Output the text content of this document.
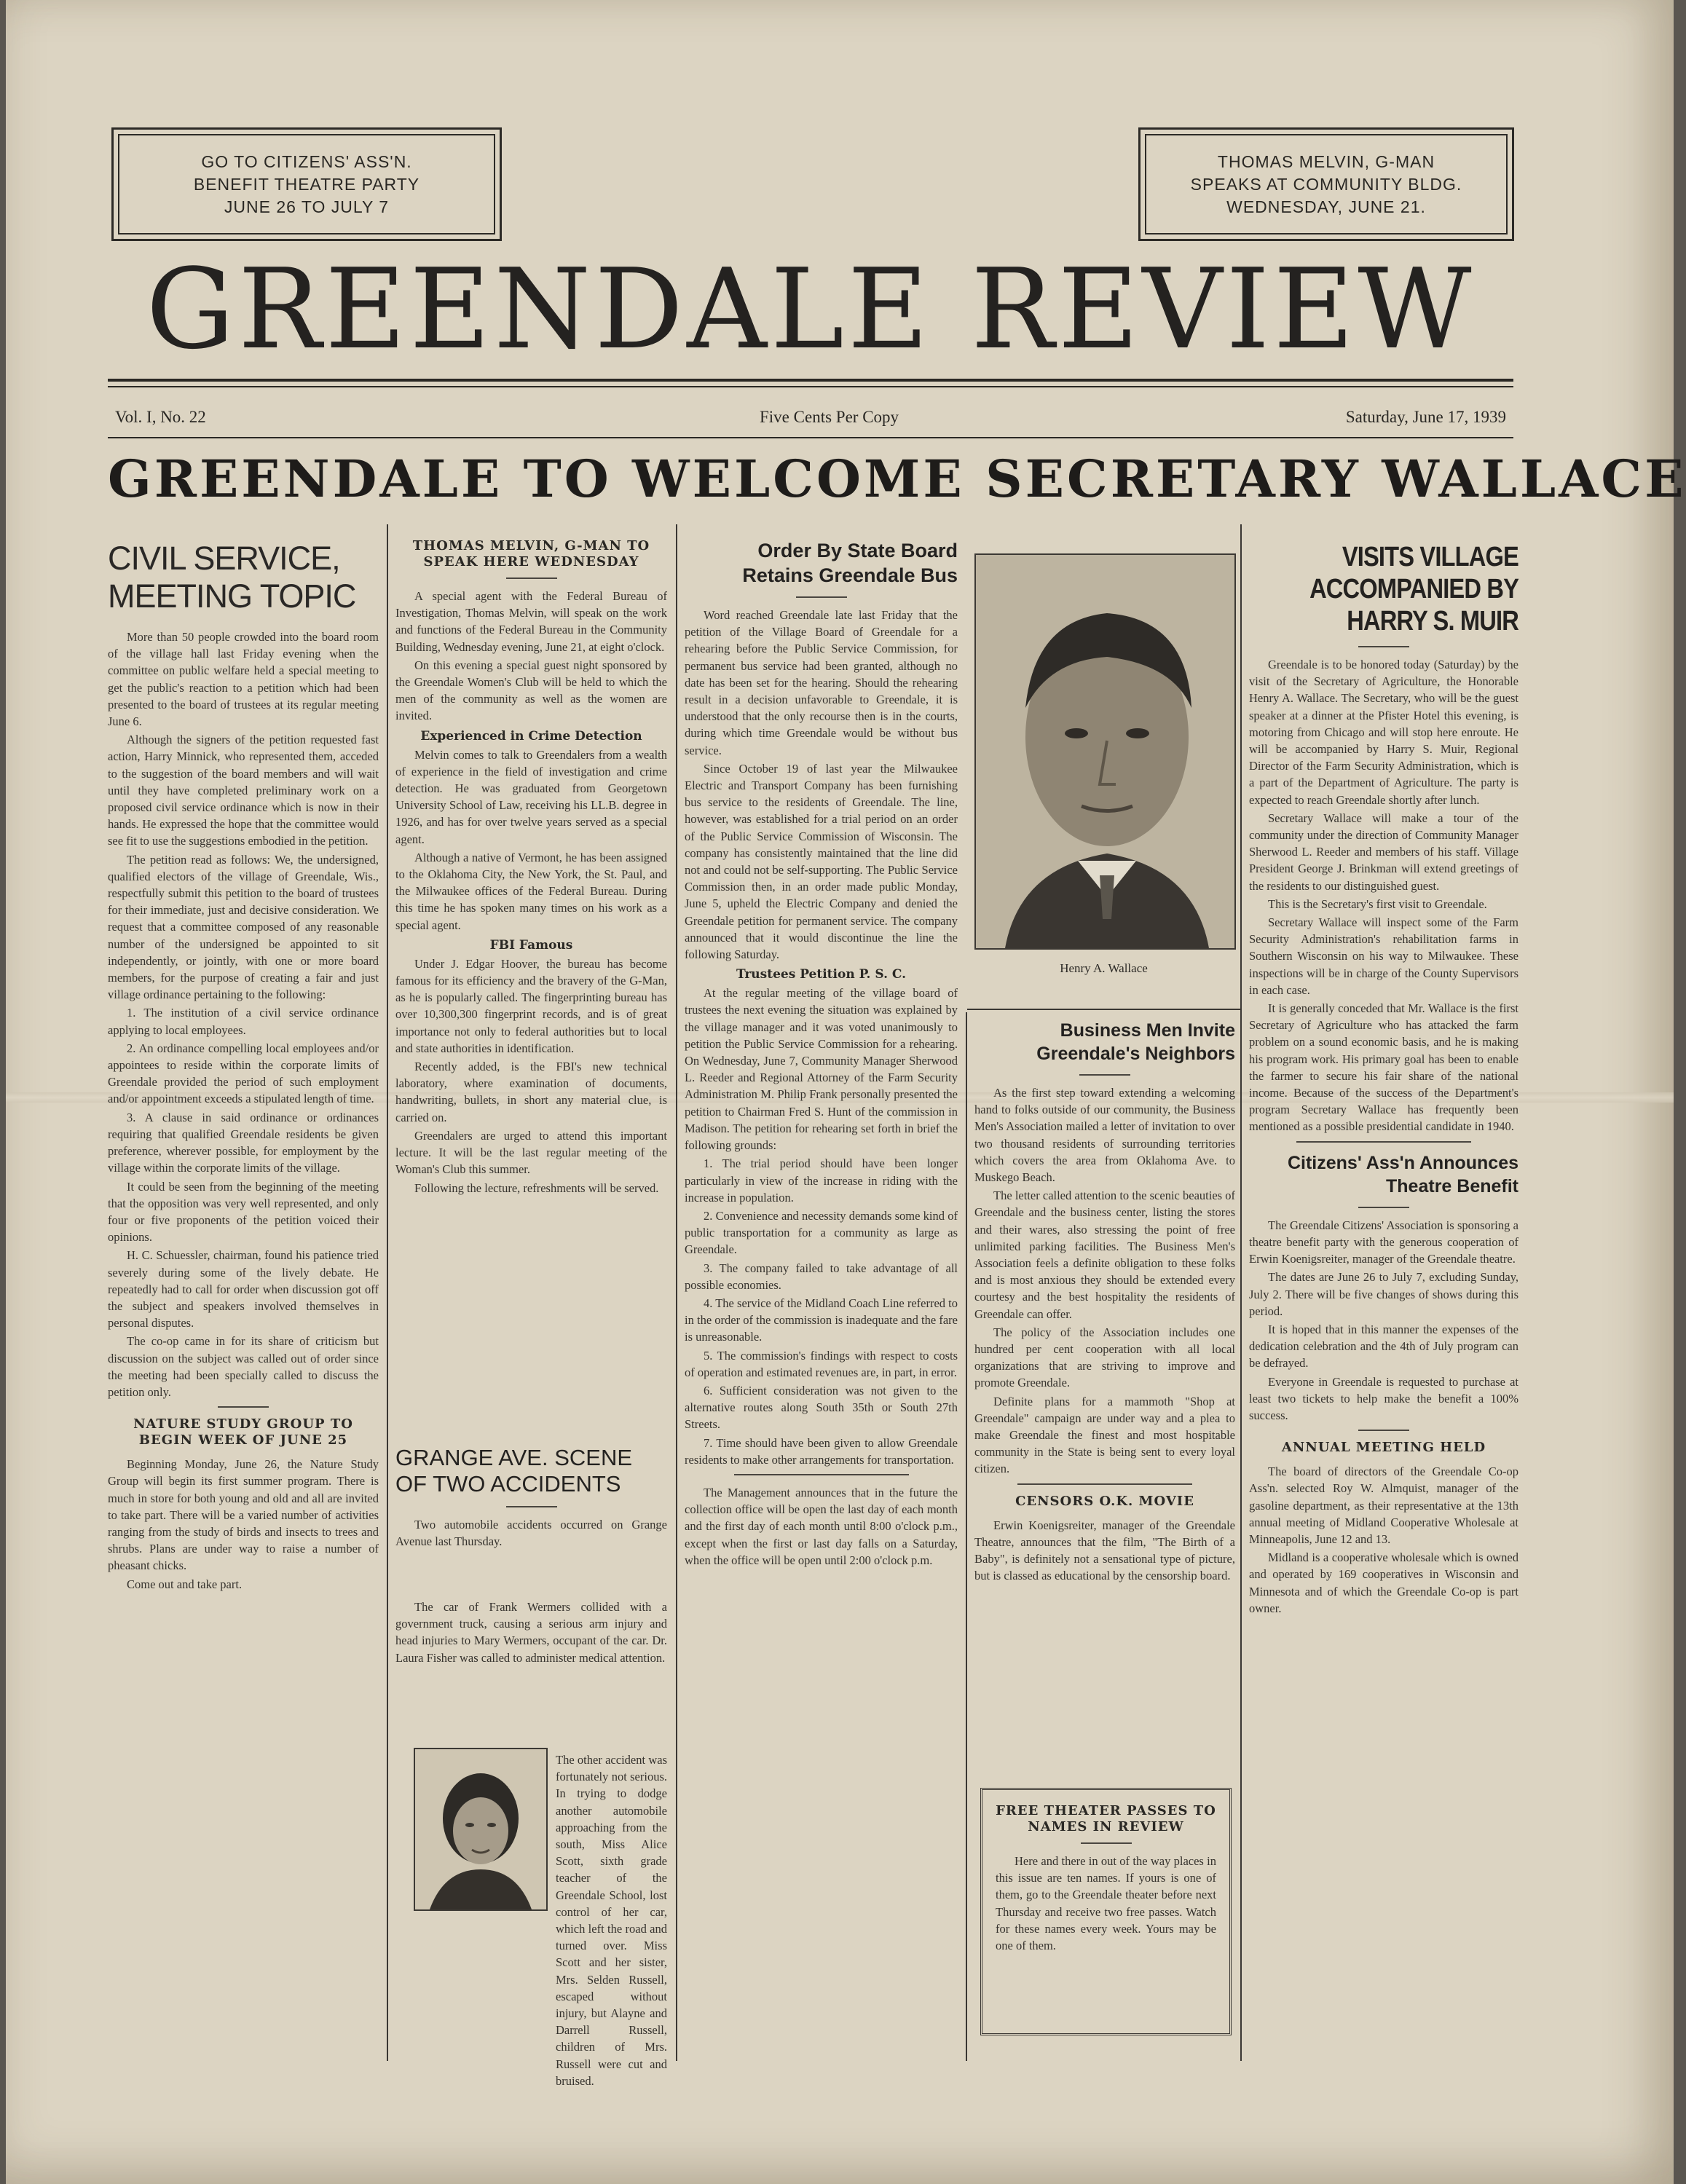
GO TO CITIZENS' ASS'N.
BENEFIT THEATRE PARTY
JUNE 26 TO JULY 7
THOMAS MELVIN, G-MAN
SPEAKS AT COMMUNITY BLDG.
WEDNESDAY, JUNE 21.
GREENDALE REVIEW
Vol. I, No. 22	Five Cents Per Copy	Saturday, June 17, 1939
GREENDALE TO WELCOME SECRETARY WALLACE
CIVIL SERVICE, MEETING TOPIC

More than 50 people crowded into the board room of the village hall last Friday evening when the committee on public welfare held a special meeting to get the public's reaction to a petition which had been presented to the board of trustees at its regular meeting June 6.

Although the signers of the petition requested fast action, Harry Minnick, who represented them, acceded to the suggestion of the board members and will wait until they have completed preliminary work on a proposed civil service ordinance which is now in their hands. He expressed the hope that the committee would see fit to use the suggestions embodied in the petition.

The petition read as follows: We, the undersigned, qualified electors of the village of Greendale, Wis., respectfully submit this petition to the board of trustees for their immediate, just and decisive consideration. We request that a committee composed of any reasonable number of the undersigned be appointed to sit independently, or jointly, with one or more board members, for the purpose of creating a fair and just village ordinance pertaining to the following:

1. The institution of a civil service ordinance applying to local employees.

2. An ordinance compelling local employees and/or appointees to reside within the corporate limits of Greendale provided the period of such employment and/or appointment exceeds a stipulated length of time.

3. A clause in said ordinance or ordinances requiring that qualified Greendale residents be given preference, wherever possible, for employment by the village within the corporate limits of the village.

It could be seen from the beginning of the meeting that the opposition was very well represented, and only four or five proponents of the petition voiced their opinions.

H. C. Schuessler, chairman, found his patience tried severely during some of the lively debate. He repeatedly had to call for order when discussion got off the subject and speakers involved themselves in personal disputes.

The co-op came in for its share of criticism but discussion on the subject was called out of order since the meeting had been specially called to discuss the petition only.

NATURE STUDY GROUP TO BEGIN WEEK OF JUNE 25

Beginning Monday, June 26, the Nature Study Group will begin its first summer program. There is much in store for both young and old and all are invited to take part. There will be a varied number of activities ranging from the study of birds and insects to trees and shrubs. Plans are under way to raise a number of pheasant chicks.

Come out and take part.

THOMAS MELVIN, G-MAN TO SPEAK HERE WEDNESDAY

A special agent with the Federal Bureau of Investigation, Thomas Melvin, will speak on the work and functions of the Federal Bureau in the Community Building, Wednesday evening, June 21, at eight o'clock.

On this evening a special guest night sponsored by the Greendale Women's Club will be held to which the men of the community as well as the women are invited.

Experienced in Crime Detection

Melvin comes to talk to Greendalers from a wealth of experience in the field of investigation and crime detection. He was graduated from Georgetown University School of Law, receiving his LL.B. degree in 1926, and has for over twelve years served as a special agent.

Although a native of Vermont, he has been assigned to the Oklahoma City, the New York, the St. Paul, and the Milwaukee offices of the Federal Bureau. During this time he has spoken many times on his work as a special agent.

FBI Famous

Under J. Edgar Hoover, the bureau has become famous for its efficiency and the bravery of the G-Man, as he is popularly called. The fingerprinting bureau has over 10,300,300 fingerprint records, and is of great importance not only to federal authorities but to local and state authorities in identification.

Recently added, is the FBI's new technical laboratory, where examination of documents, handwriting, bullets, in short any material clue, is carried on.

Greendalers are urged to attend this important lecture. It will be the last regular meeting of the Woman's Club this summer.

Following the lecture, refreshments will be served.

GRANGE AVE. SCENE OF TWO ACCIDENTS

Two automobile accidents occurred on Grange Avenue last Thursday.

The car of Frank Wermers collided with a government truck, causing a serious arm injury and head injuries to Mary Wermers, occupant of the car. Dr. Laura Fisher was called to administer medical attention.

The other accident was fortunately not serious. In trying to dodge another automobile approaching from the south, Miss Alice Scott, sixth grade teacher of the Greendale School, lost control of her car, which left the road and turned over. Miss Scott and her sister, Mrs. Selden Russell, escaped without injury, but Alayne and Darrell Russell, children of Mrs. Russell were cut and bruised.

Order By State Board Retains Greendale Bus

Word reached Greendale late last Friday that the petition of the Village Board of Greendale for a rehearing before the Public Service Commission, for permanent bus service had been granted, although no date has been set for the hearing. Should the rehearing result in a decision unfavorable to Greendale, it is understood that the only recourse then is in the courts, during which time Greendale would be without bus service.

Since October 19 of last year the Milwaukee Electric and Transport Company has been furnishing bus service to the residents of Greendale. The line, however, was established for a trial period on an order of the Public Service Commission of Wisconsin. The company has consistently maintained that the line did not and could not be self-supporting. The Public Service Commission then, in an order made public Monday, June 5, upheld the Electric Company and denied the Greendale petition for permanent service. The company announced that it would discontinue the line the following Saturday.

Trustees Petition P. S. C.

At the regular meeting of the village board of trustees the next evening the situation was explained by the village manager and it was voted unanimously to petition the Public Service Commission for a rehearing. On Wednesday, June 7, Community Manager Sherwood L. Reeder and Regional Attorney of the Farm Security Administration M. Philip Frank personally presented the petition to Chairman Fred S. Hunt of the commission in Madison. The petition for rehearing set forth in brief the following grounds:

1. The trial period should have been longer particularly in view of the increase in riding with the increase in population.

2. Convenience and necessity demands some kind of public transportation for a community as large as Greendale.

3. The company failed to take advantage of all possible economies.

4. The service of the Midland Coach Line referred to in the order of the commission is inadequate and the fare is unreasonable.

5. The commission's findings with respect to costs of operation and estimated revenues are, in part, in error.

6. Sufficient consideration was not given to the alternative routes along South 35th or South 27th Streets.

7. Time should have been given to allow Greendale residents to make other arrangements for transportation.

The Management announces that in the future the collection office will be open the last day of each month and the first day of each month until 8:00 o'clock p.m., except when the first or last day falls on a Saturday, when the office will be open until 2:00 o'clock p.m.

Henry A. Wallace
Business Men Invite Greendale's Neighbors

As the first step toward extending a welcoming hand to folks outside of our community, the Business Men's Association mailed a letter of invitation to over two thousand residents of surrounding territories which covers the area from Oklahoma Ave. to Muskego Beach.

The letter called attention to the scenic beauties of Greendale and the business center, listing the stores and their wares, also stressing the point of free unlimited parking facilities. The Business Men's Association feels a definite obligation to these folks and is most anxious they should be extended every courtesy and the best hospitality the residents of Greendale can offer.

The policy of the Association includes one hundred per cent cooperation with all local organizations that are striving to improve and promote Greendale.

Definite plans for a mammoth "Shop at Greendale" campaign are under way and a plea to make Greendale the finest and most hospitable community in the State is being sent to every loyal citizen.

CENSORS O.K. MOVIE

Erwin Koenigsreiter, manager of the Greendale Theatre, announces that the film, "The Birth of a Baby", is definitely not a sensational type of picture, but is classed as educational by the censorship board.

FREE THEATER PASSES TO NAMES IN REVIEW

Here and there in out of the way places in this issue are ten names. If yours is one of them, go to the Greendale theater before next Thursday and receive two free passes. Watch for these names every week. Yours may be one of them.

VISITS VILLAGE ACCOMPANIED BY HARRY S. MUIR

Greendale is to be honored today (Saturday) by the visit of the Secretary of Agriculture, the Honorable Henry A. Wallace. The Secretary, who will be the guest speaker at a dinner at the Pfister Hotel this evening, is motoring from Chicago and will stop here enroute. He will be accompanied by Harry S. Muir, Regional Director of the Farm Security Administration, which is a part of the Department of Agriculture. The party is expected to reach Greendale shortly after lunch.

Secretary Wallace will make a tour of the community under the direction of Community Manager Sherwood L. Reeder and members of his staff. Village President George J. Brinkman will extend greetings of the residents to our distinguished guest.

This is the Secretary's first visit to Greendale.

Secretary Wallace will inspect some of the Farm Security Administration's rehabilitation farms in Southern Wisconsin on his way to Milwaukee. These inspections will be in charge of the County Supervisors in each case.

It is generally conceded that Mr. Wallace is the first Secretary of Agriculture who has attacked the farm problem on a sound economic basis, and he is making his program work. His primary goal has been to enable the farmer to secure his fair share of the national income. Because of the success of the Department's program Secretary Wallace has frequently been mentioned as a possible presidential candidate in 1940.

Citizens' Ass'n Announces Theatre Benefit

The Greendale Citizens' Association is sponsoring a theatre benefit party with the generous cooperation of Erwin Koenigsreiter, manager of the Greendale theatre.

The dates are June 26 to July 7, excluding Sunday, July 2. There will be five changes of shows during this period.

It is hoped that in this manner the expenses of the dedication celebration and the 4th of July program can be defrayed.

Everyone in Greendale is requested to purchase at least two tickets to help make the benefit a 100% success.

ANNUAL MEETING HELD

The board of directors of the Greendale Co-op Ass'n. selected Roy W. Almquist, manager of the gasoline department, as their representative at the 13th annual meeting of Midland Cooperative Wholesale at Minneapolis, June 12 and 13.

Midland is a cooperative wholesale which is owned and operated by 169 cooperatives in Wisconsin and Minnesota and of which the Greendale Co-op is part owner.
